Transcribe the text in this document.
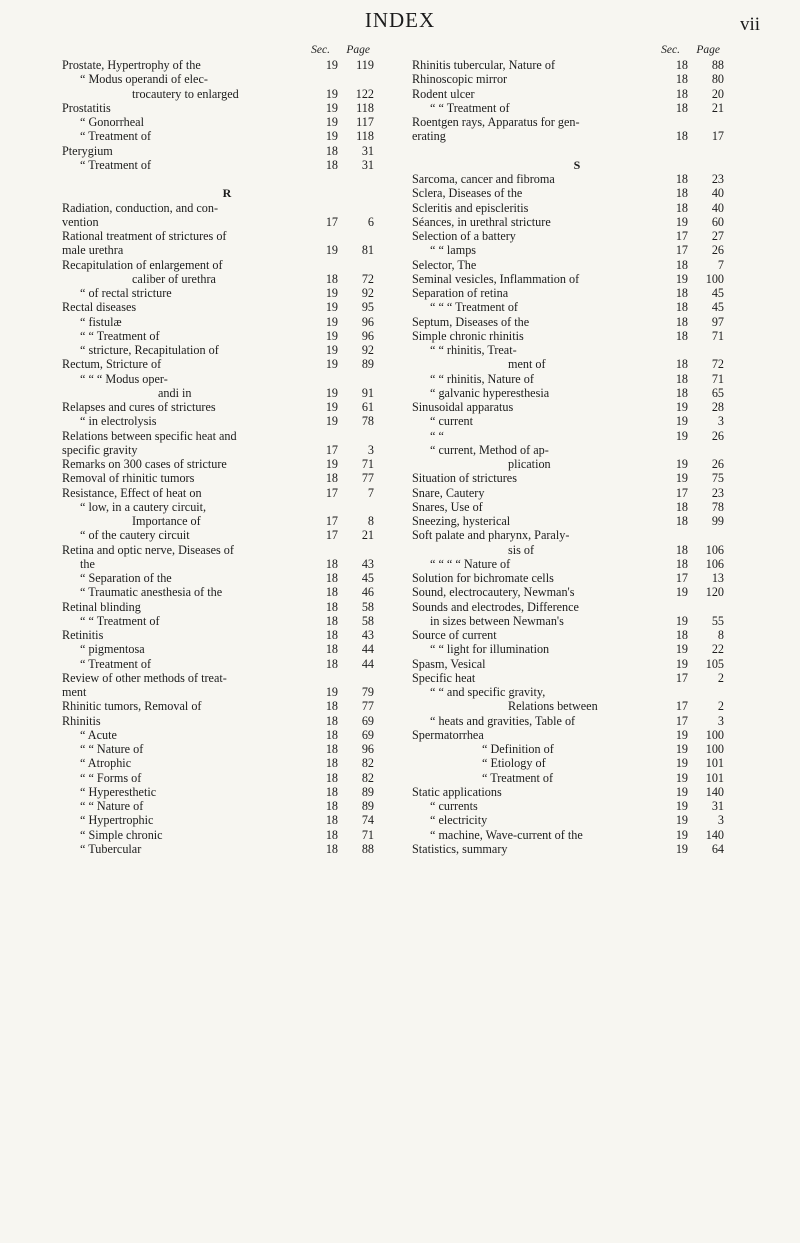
INDEX	vii
Sec. Page
Prostate, Hypertrophy of the	19	119
“ Modus operandi of elec-
trocautery to enlarged	19	122
Prostatitis	19	118
“ Gonorrheal	19	117
“ Treatment of	19	118
Pterygium	18	31
“ Treatment of	18	31
R
Radiation, conduction, and con-
vention	17	6
Rational treatment of strictures of
male urethra	19	81
Recapitulation of enlargement of
caliber of urethra	18	72
“ of rectal stricture	19	92
Rectal diseases	19	95
“ fistulæ	19	96
“ “ Treatment of	19	96
“ stricture, Recapitulation of	19	92
Rectum, Stricture of	19	89
“ “ “ Modus oper-
andi in	19	91
Relapses and cures of strictures	19	61
“ in electrolysis	19	78
Relations between specific heat and
specific gravity	17	3
Remarks on 300 cases of stricture	19	71
Removal of rhinitic tumors	18	77
Resistance, Effect of heat on	17	7
“ low, in a cautery circuit,
Importance of	17	8
“ of the cautery circuit	17	21
Retina and optic nerve, Diseases of
the	18	43
“ Separation of the	18	45
“ Traumatic anesthesia of the	18	46
Retinal blinding	18	58
“ “ Treatment of	18	58
Retinitis	18	43
“ pigmentosa	18	44
“ Treatment of	18	44
Review of other methods of treat-
ment	19	79
Rhinitic tumors, Removal of	18	77
Rhinitis	18	69
“ Acute	18	69
“ “ Nature of	18	96
“ Atrophic	18	82
“ “ Forms of	18	82
“ Hyperesthetic	18	89
“ “ Nature of	18	89
“ Hypertrophic	18	74
“ Simple chronic	18	71
“ Tubercular	18	88
Sec. Page
Rhinitis tubercular, Nature of	18	88
Rhinoscopic mirror	18	80
Rodent ulcer	18	20
“ “ Treatment of	18	21
Roentgen rays, Apparatus for gen-
erating	18	17
S
Sarcoma, cancer and fibroma	18	23
Sclera, Diseases of the	18	40
Scleritis and episcleritis	18	40
Séances, in urethral stricture	19	60
Selection of a battery	17	27
“ “ lamps	17	26
Selector, The	18	7
Seminal vesicles, Inflammation of	19	100
Separation of retina	18	45
“ “ “ Treatment of	18	45
Septum, Diseases of the	18	97
Simple chronic rhinitis	18	71
“ “ rhinitis, Treat-
ment of	18	72
“ “ rhinitis, Nature of	18	71
“ galvanic hyperesthesia	18	65
Sinusoidal apparatus	19	28
“ current	19	3
“ “	19	26
“ current, Method of ap-
plication	19	26
Situation of strictures	19	75
Snare, Cautery	17	23
Snares, Use of	18	78
Sneezing, hysterical	18	99
Soft palate and pharynx, Paraly-
sis of	18	106
“ “ “ “ Nature of	18	106
Solution for bichromate cells	17	13
Sound, electrocautery, Newman's	19	120
Sounds and electrodes, Difference
in sizes between Newman's	19	55
Source of current	18	8
“ “ light for illumination	19	22
Spasm, Vesical	19	105
Specific heat	17	2
“ “ and specific gravity,
Relations between	17	2
“ heats and gravities, Table of	17	3
Spermatorrhea	19	100
“ Definition of	19	100
“ Etiology of	19	101
“ Treatment of	19	101
Static applications	19	140
“ currents	19	31
“ electricity	19	3
“ machine, Wave-current of the	19	140
Statistics, summary	19	64
